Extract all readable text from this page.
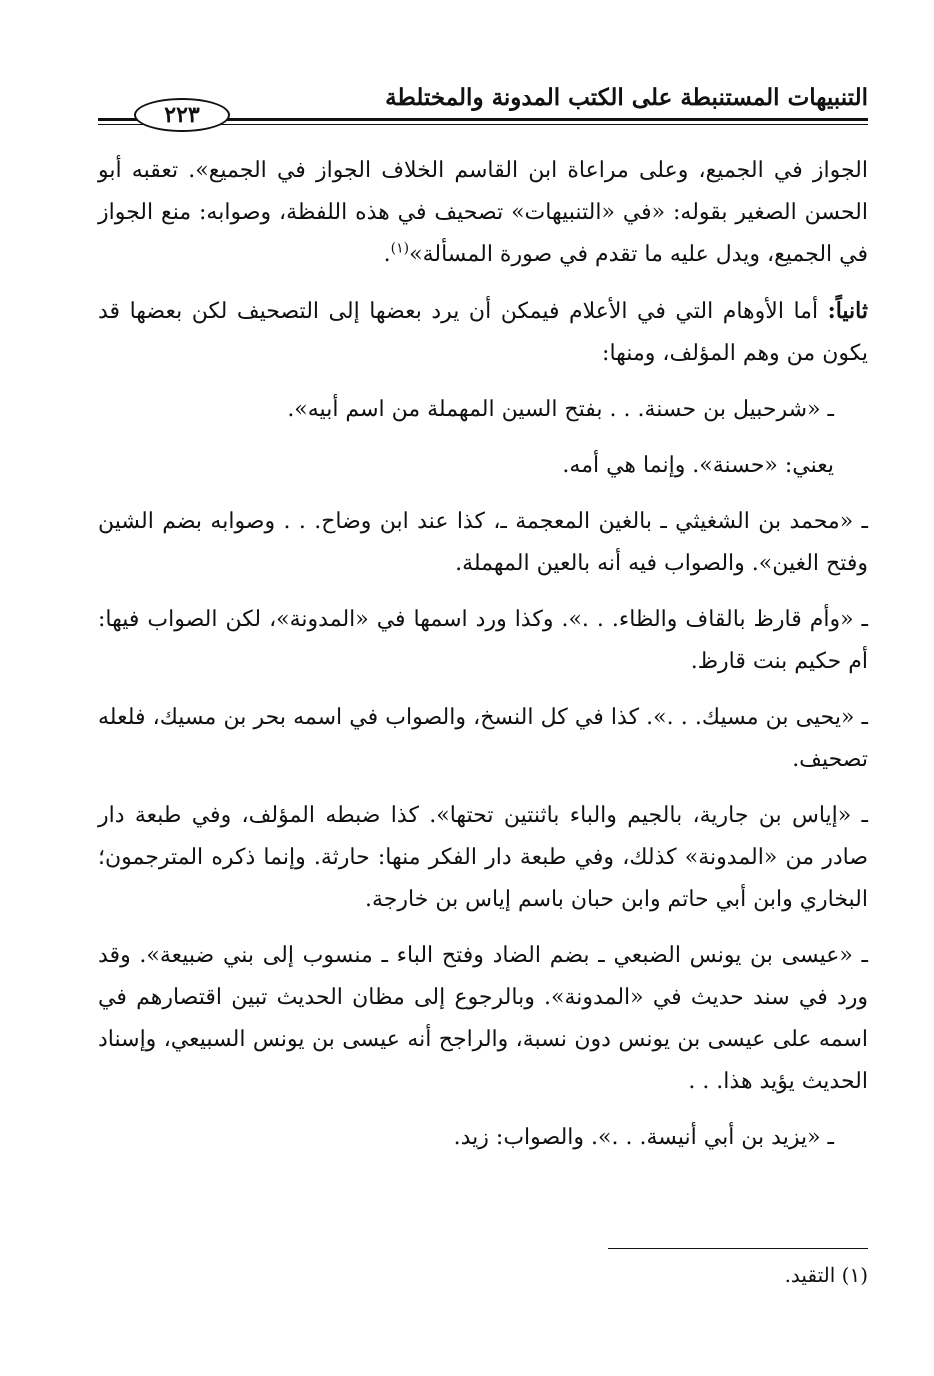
التنبيهات المستنبطة على الكتب المدونة والمختلطة
٢٢٣

الجواز في الجميع، وعلى مراعاة ابن القاسم الخلاف الجواز في الجميع». تعقبه أبو الحسن الصغير بقوله: «في «التنبيهات» تصحيف في هذه اللفظة، وصوابه: منع الجواز في الجميع، ويدل عليه ما تقدم في صورة المسألة»$^{(١)}$.

ثانياً: أما الأوهام التي في الأعلام فيمكن أن يرد بعضها إلى التصحيف لكن بعضها قد يكون من وهم المؤلف، ومنها:

ـ «شرحبيل بن حسنة. . . بفتح السين المهملة من اسم أبيه».

يعني: «حسنة». وإنما هي أمه.

ـ «محمد بن الشغيثي ـ بالغين المعجمة ـ، كذا عند ابن وضاح. . . وصوابه بضم الشين وفتح الغين». والصواب فيه أنه بالعين المهملة.

ـ «وأم قارظ بالقاف والظاء. . .». وكذا ورد اسمها في «المدونة»، لكن الصواب فيها: أم حكيم بنت قارظ.

ـ «يحيى بن مسيك. . .». كذا في كل النسخ، والصواب في اسمه بحر بن مسيك، فلعله تصحيف.

ـ «إياس بن جارية، بالجيم والباء باثنتين تحتها». كذا ضبطه المؤلف، وفي طبعة دار صادر من «المدونة» كذلك، وفي طبعة دار الفكر منها: حارثة. وإنما ذكره المترجمون؛ البخاري وابن أبي حاتم وابن حبان باسم إياس بن خارجة.

ـ «عيسى بن يونس الضبعي ـ بضم الضاد وفتح الباء ـ منسوب إلى بني ضبيعة». وقد ورد في سند حديث في «المدونة». وبالرجوع إلى مظان الحديث تبين اقتصارهم في اسمه على عيسى بن يونس دون نسبة، والراجح أنه عيسى بن يونس السبيعي، وإسناد الحديث يؤيد هذا. . .

ـ «يزيد بن أبي أنيسة. . .». والصواب: زيد.

(١) التقيد.
